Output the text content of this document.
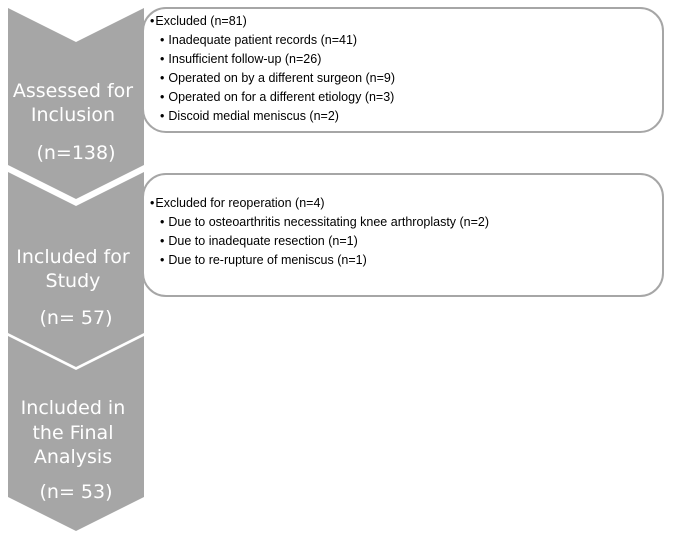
Assessed for Inclusion (n=138)
Included for Study (n= 57)
Included in the Final Analysis (n= 53)
• Excluded (n=81)
• Inadequate patient records (n=41)
• Insufficient follow-up (n=26)
• Operated on by a different surgeon (n=9)
• Operated on for a different etiology (n=3)
• Discoid medial meniscus (n=2)
• Excluded for reoperation (n=4)
• Due to osteoarthritis necessitating knee arthroplasty (n=2)
• Due to inadequate resection (n=1)
• Due to re-rupture of meniscus (n=1)
